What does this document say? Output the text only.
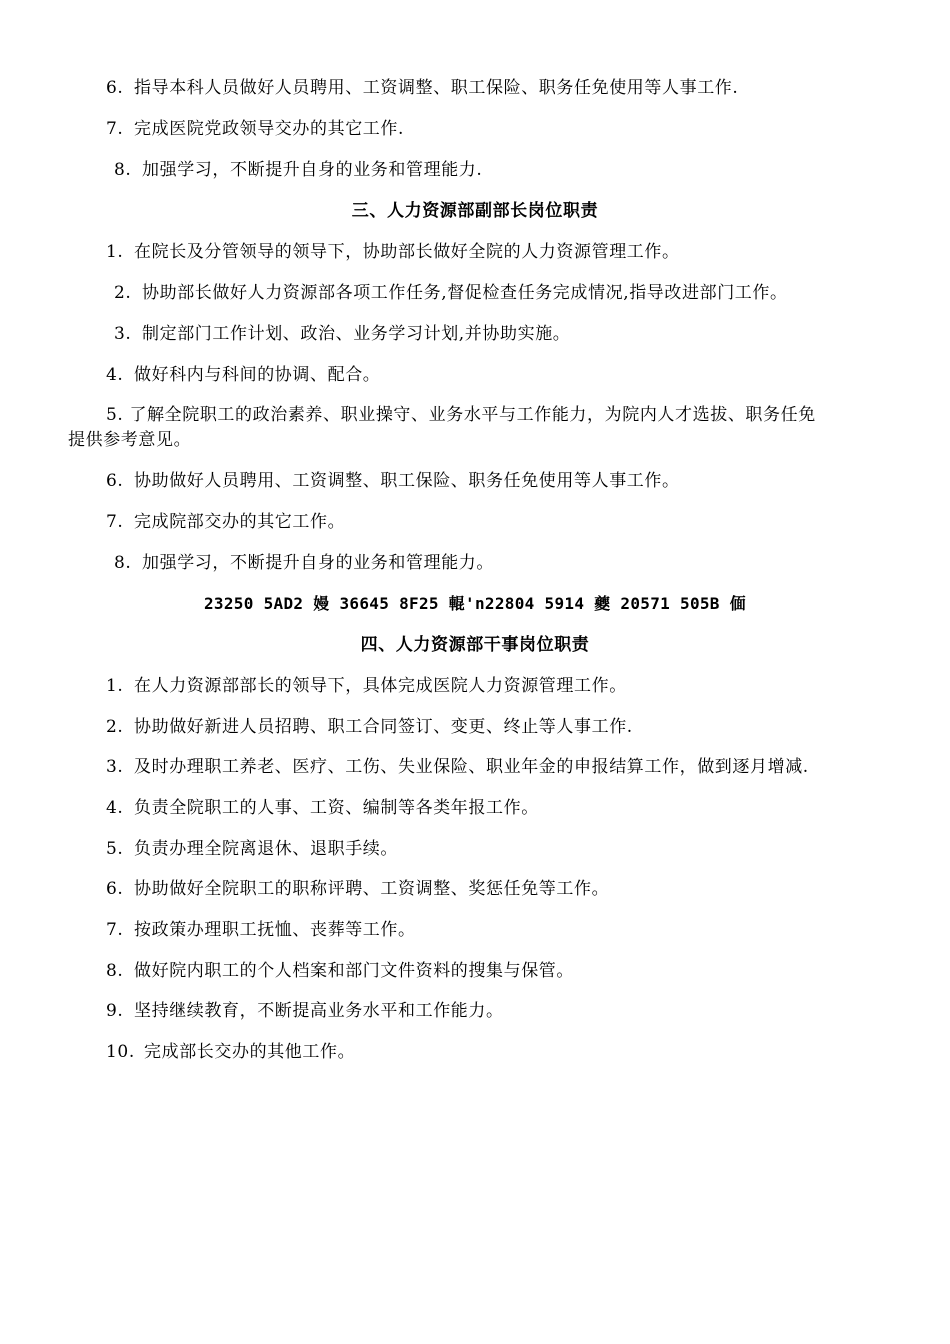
6. 指导本科人员做好人员聘用、工资调整、职工保险、职务任免使用等人事工作.
7. 完成医院党政领导交办的其它工作.
8. 加强学习，不断提升自身的业务和管理能力.
三、人力资源部副部长岗位职责
1. 在院长及分管领导的领导下，协助部长做好全院的人力资源管理工作。
2. 协助部长做好人力资源部各项工作任务,督促检查任务完成情况,指导改进部门工作。
3. 制定部门工作计划、政治、业务学习计划,并协助实施。
4. 做好科内与科间的协调、配合。
5. 了解全院职工的政治素养、职业操守、业务水平与工作能力，为院内人才选拔、职务任免
提供参考意见。
6. 协助做好人员聘用、工资调整、职工保险、职务任免使用等人事工作。
7. 完成院部交办的其它工作。
8. 加强学习，不断提升自身的业务和管理能力。
23250 5AD2 嫚 36645 8F25 輥'n22804 5914 夔 20571 505B 偭
四、人力资源部干事岗位职责
1. 在人力资源部部长的领导下，具体完成医院人力资源管理工作。
2. 协助做好新进人员招聘、职工合同签订、变更、终止等人事工作.
3. 及时办理职工养老、医疗、工伤、失业保险、职业年金的申报结算工作，做到逐月增减.
4. 负责全院职工的人事、工资、编制等各类年报工作。
5. 负责办理全院离退休、退职手续。
6. 协助做好全院职工的职称评聘、工资调整、奖惩任免等工作。
7. 按政策办理职工抚恤、丧葬等工作。
8. 做好院内职工的个人档案和部门文件资料的搜集与保管。
9. 坚持继续教育，不断提高业务水平和工作能力。
10. 完成部长交办的其他工作。
